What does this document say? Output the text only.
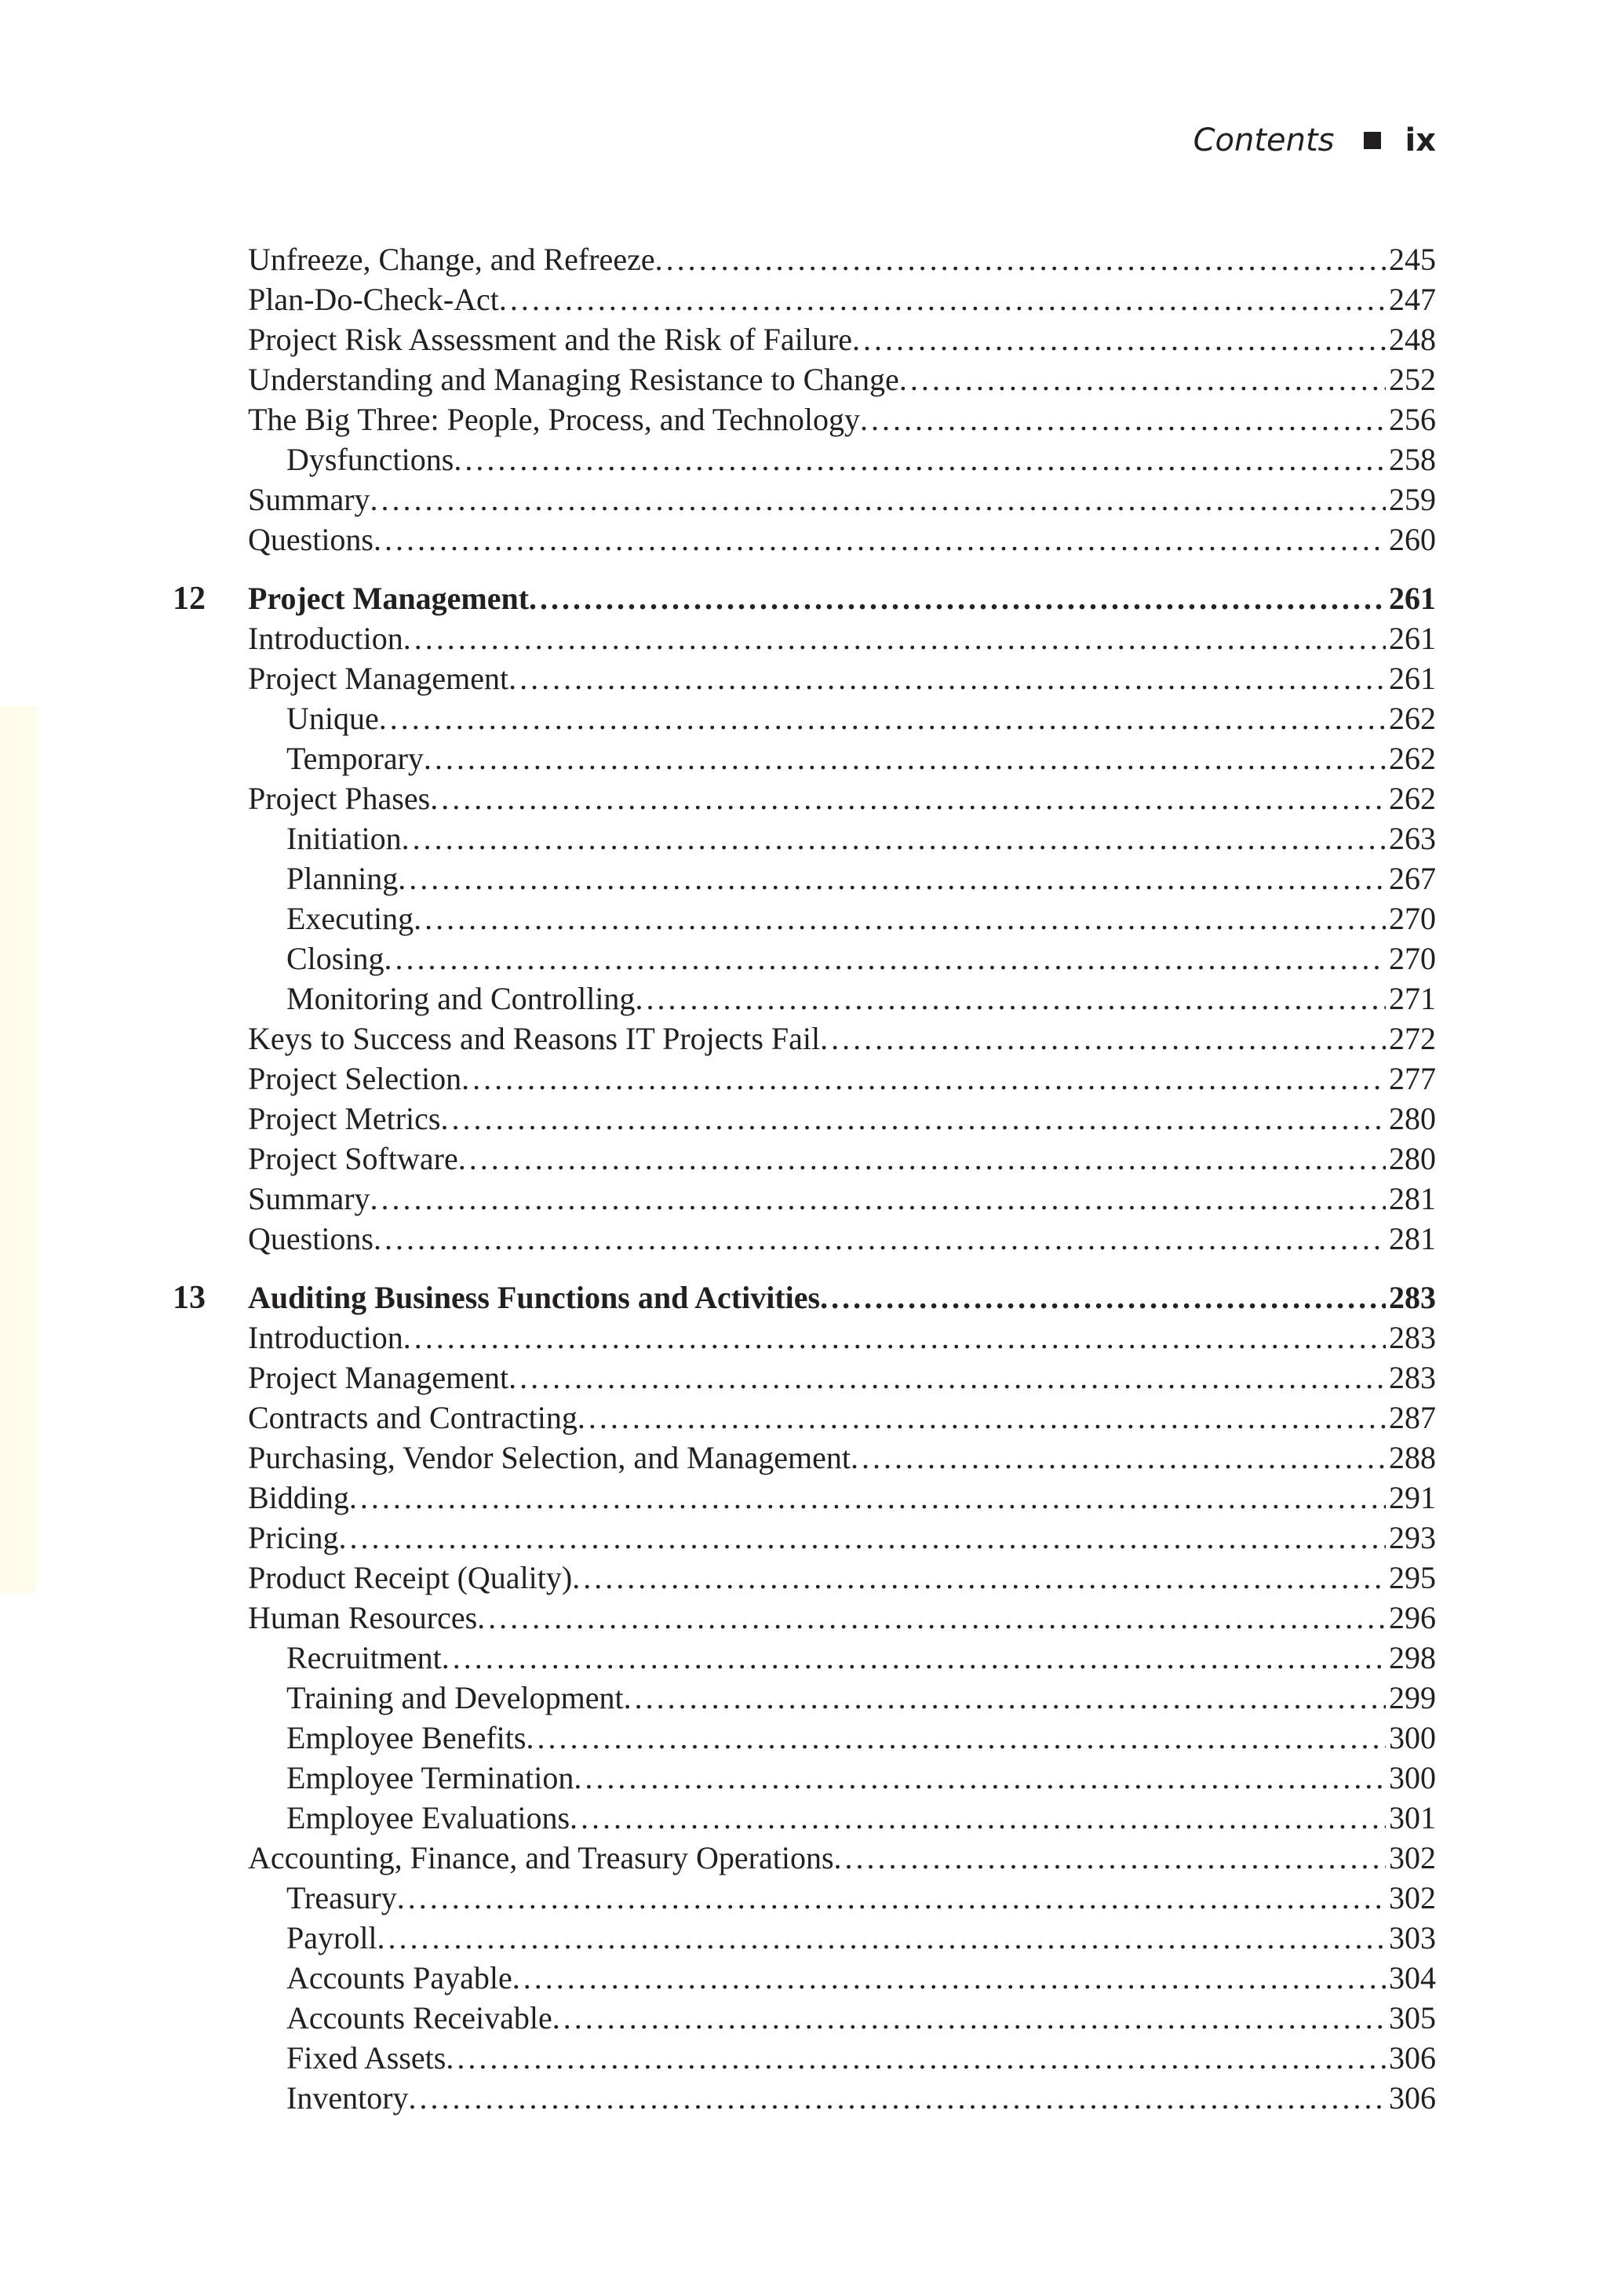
Contents ix
Unfreeze, Change, and Refreeze . . .	245
Plan-Do-Check-Act . . .	247
Project Risk Assessment and the Risk of Failure . . .	248
Understanding and Managing Resistance to Change . . .	252
The Big Three: People, Process, and Technology . . .	256
Dysfunctions . . .	258
Summary . . .	259
Questions . . .	260
12 Project Management . . .	261
Introduction . . .	261
Project Management . . .	261
Unique . . .	262
Temporary . . .	262
Project Phases . . .	262
Initiation . . .	263
Planning . . .	267
Executing . . .	270
Closing . . .	270
Monitoring and Controlling . . .	271
Keys to Success and Reasons IT Projects Fail . . .	272
Project Selection . . .	277
Project Metrics . . .	280
Project Software . . .	280
Summary . . .	281
Questions . . .	281
13 Auditing Business Functions and Activities . . .	283
Introduction . . .	283
Project Management . . .	283
Contracts and Contracting . . .	287
Purchasing, Vendor Selection, and Management . . .	288
Bidding . . .	291
Pricing . . .	293
Product Receipt (Quality) . . .	295
Human Resources . . .	296
Recruitment . . .	298
Training and Development . . .	299
Employee Benefits . . .	300
Employee Termination . . .	300
Employee Evaluations . . .	301
Accounting, Finance, and Treasury Operations . . .	302
Treasury . . .	302
Payroll . . .	303
Accounts Payable . . .	304
Accounts Receivable . . .	305
Fixed Assets . . .	306
Inventory . . .	306
